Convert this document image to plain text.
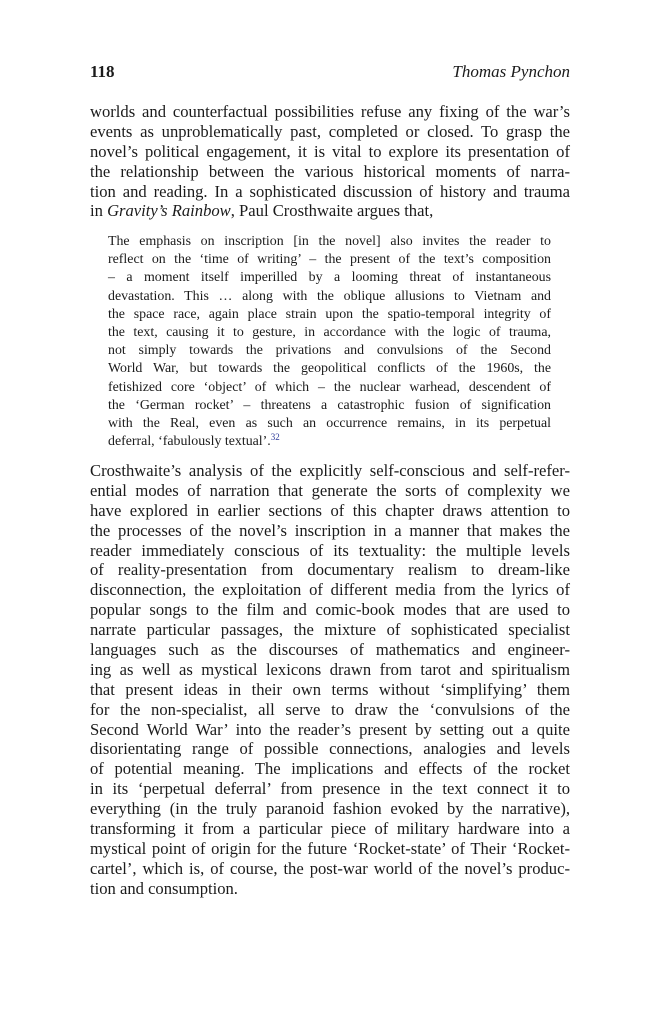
118	Thomas Pynchon
worlds and counterfactual possibilities refuse any fixing of the war’s
events as unproblematically past, completed or closed. To grasp the
novel’s political engagement, it is vital to explore its presentation of
the relationship between the various historical moments of narra-
tion and reading. In a sophisticated discussion of history and trauma
in Gravity’s Rainbow, Paul Crosthwaite argues that,
The emphasis on inscription [in the novel] also invites the reader to
reflect on the ‘time of writing’ – the present of the text’s composition
– a moment itself imperilled by a looming threat of instantaneous
devastation. This … along with the oblique allusions to Vietnam and
the space race, again place strain upon the spatio-temporal integrity of
the text, causing it to gesture, in accordance with the logic of trauma,
not simply towards the privations and convulsions of the Second
World War, but towards the geopolitical conflicts of the 1960s, the
fetishized core ‘object’ of which – the nuclear warhead, descendent of
the ‘German rocket’ – threatens a catastrophic fusion of signification
with the Real, even as such an occurrence remains, in its perpetual
deferral, ‘fabulously textual’.$^{32}$
Crosthwaite’s analysis of the explicitly self-conscious and self-refer-
ential modes of narration that generate the sorts of complexity we
have explored in earlier sections of this chapter draws attention to
the processes of the novel’s inscription in a manner that makes the
reader immediately conscious of its textuality: the multiple levels
of reality-presentation from documentary realism to dream-like
disconnection, the exploitation of different media from the lyrics of
popular songs to the film and comic-book modes that are used to
narrate particular passages, the mixture of sophisticated specialist
languages such as the discourses of mathematics and engineer-
ing as well as mystical lexicons drawn from tarot and spiritualism
that present ideas in their own terms without ‘simplifying’ them
for the non-specialist, all serve to draw the ‘convulsions of the
Second World War’ into the reader’s present by setting out a quite
disorientating range of possible connections, analogies and levels
of potential meaning. The implications and effects of the rocket
in its ‘perpetual deferral’ from presence in the text connect it to
everything (in the truly paranoid fashion evoked by the narrative),
transforming it from a particular piece of military hardware into a
mystical point of origin for the future ‘Rocket-state’ of Their ‘Rocket-
cartel’, which is, of course, the post-war world of the novel’s produc-
tion and consumption.
